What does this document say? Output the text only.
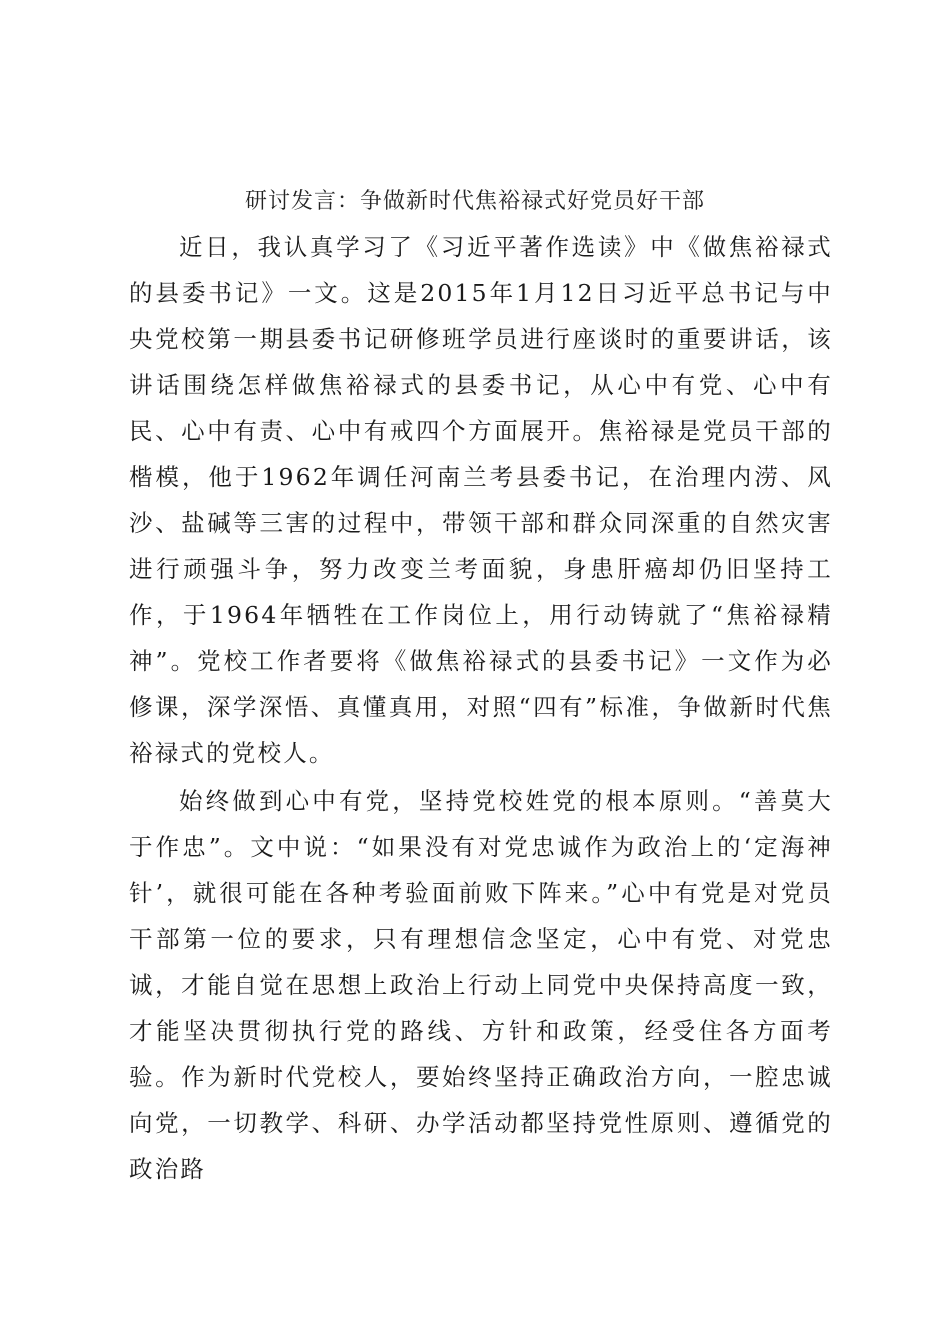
研讨发言：争做新时代焦裕禄式好党员好干部

近日，我认真学习了《习近平著作选读》中《做焦裕禄式的县委书记》一文。这是2015年1月12日习近平总书记与中央党校第一期县委书记研修班学员进行座谈时的重要讲话，该讲话围绕怎样做焦裕禄式的县委书记，从心中有党、心中有民、心中有责、心中有戒四个方面展开。焦裕禄是党员干部的楷模，他于1962年调任河南兰考县委书记，在治理内涝、风沙、盐碱等三害的过程中，带领干部和群众同深重的自然灾害进行顽强斗争，努力改变兰考面貌，身患肝癌却仍旧坚持工作，于1964年牺牲在工作岗位上，用行动铸就了“焦裕禄精神”。党校工作者要将《做焦裕禄式的县委书记》一文作为必修课，深学深悟、真懂真用，对照“四有”标准，争做新时代焦裕禄式的党校人。

始终做到心中有党，坚持党校姓党的根本原则。“善莫大于作忠”。文中说：“如果没有对党忠诚作为政治上的‘定海神针’，就很可能在各种考验面前败下阵来。”心中有党是对党员干部第一位的要求，只有理想信念坚定，心中有党、对党忠诚，才能自觉在思想上政治上行动上同党中央保持高度一致，才能坚决贯彻执行党的路线、方针和政策，经受住各方面考验。作为新时代党校人，要始终坚持正确政治方向，一腔忠诚向党，一切教学、科研、办学活动都坚持党性原则、遵循党的政治路
